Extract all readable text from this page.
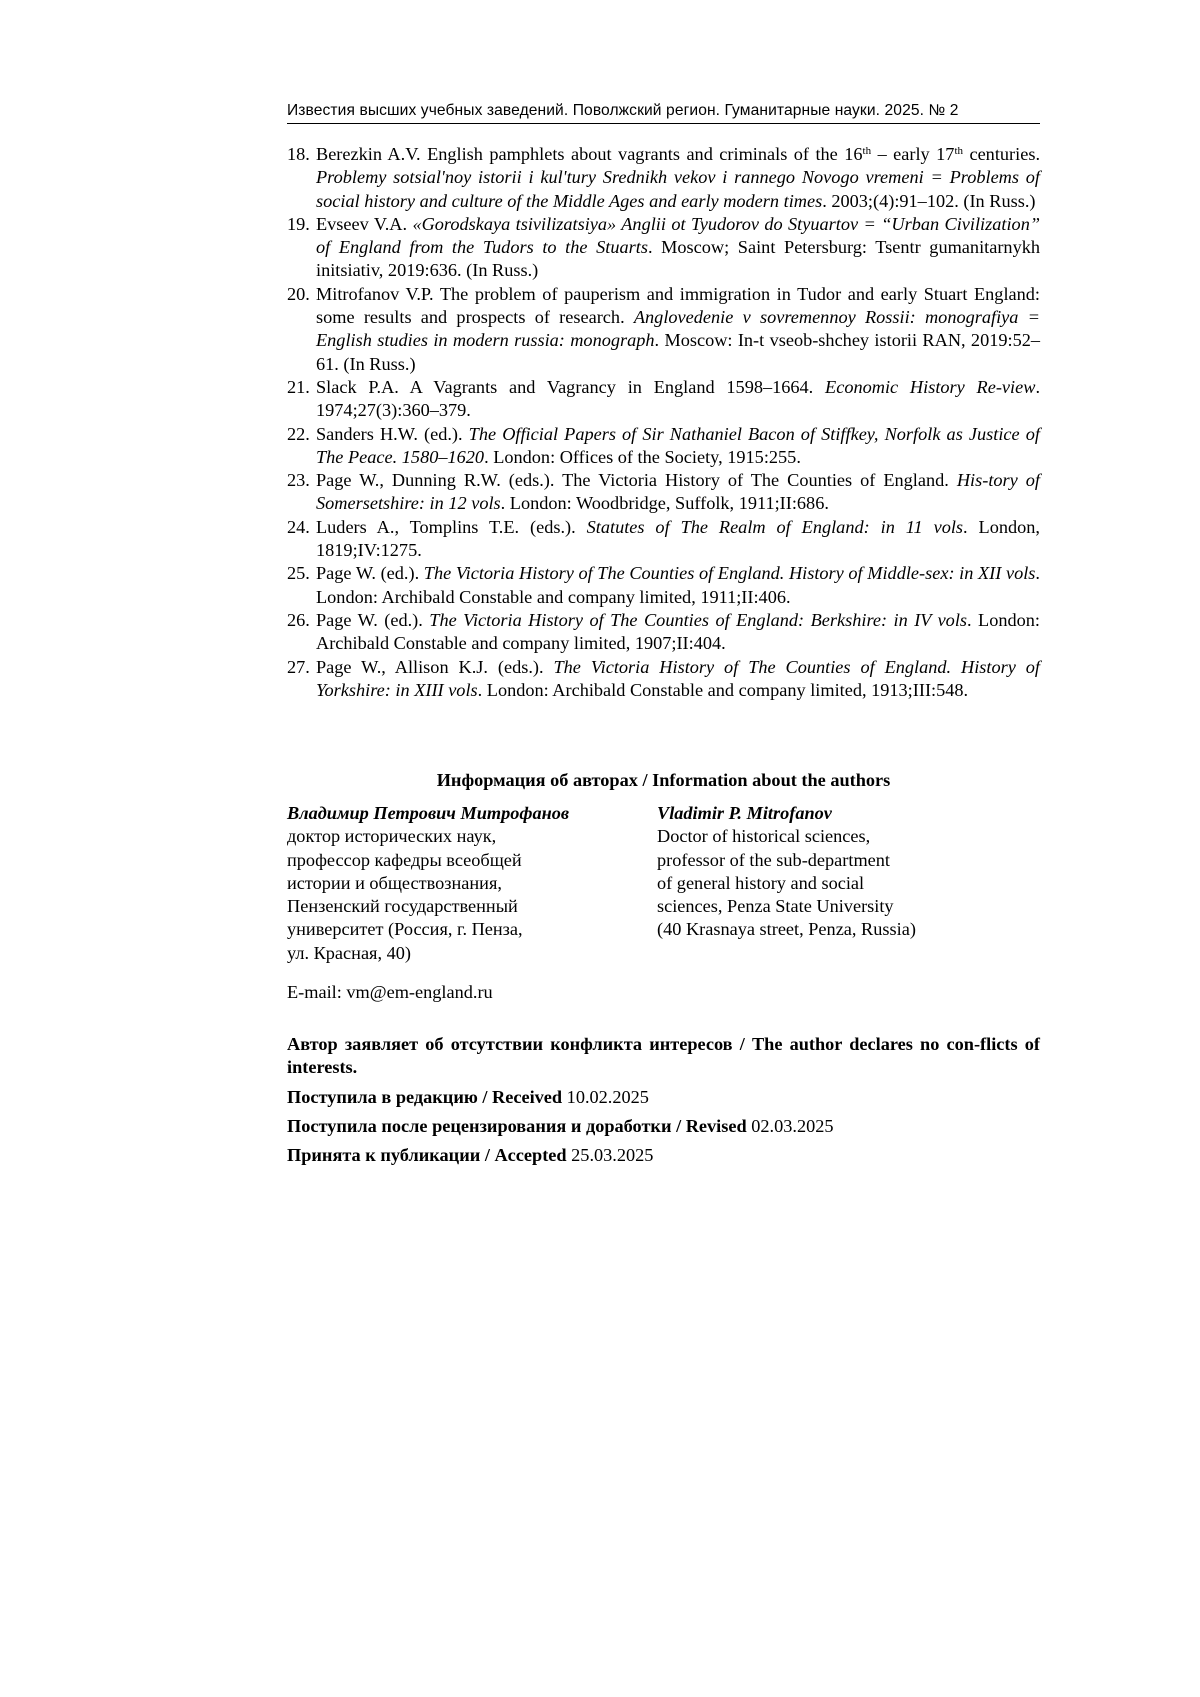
Известия высших учебных заведений. Поволжский регион. Гуманитарные науки. 2025. № 2
18. Berezkin A.V. English pamphlets about vagrants and criminals of the 16th – early 17th centuries. Problemy sotsial'noy istorii i kul'tury Srednikh vekov i rannego Novogo vremeni = Problems of social history and culture of the Middle Ages and early modern times. 2003;(4):91–102. (In Russ.)
19. Evseev V.A. «Gorodskaya tsivilizatsiya» Anglii ot Tyudorov do Styuartov = “Urban Civilization” of England from the Tudors to the Stuarts. Moscow; Saint Petersburg: Tsentr gumanitarnykh initsiativ, 2019:636. (In Russ.)
20. Mitrofanov V.P. The problem of pauperism and immigration in Tudor and early Stuart England: some results and prospects of research. Anglovedenie v sovremennoy Rossii: monografiya = English studies in modern russia: monograph. Moscow: In-t vseob-shchey istorii RAN, 2019:52–61. (In Russ.)
21. Slack P.A. A Vagrants and Vagrancy in England 1598–1664. Economic History Re-view. 1974;27(3):360–379.
22. Sanders H.W. (ed.). The Official Papers of Sir Nathaniel Bacon of Stiffkey, Norfolk as Justice of The Peace. 1580–1620. London: Offices of the Society, 1915:255.
23. Page W., Dunning R.W. (eds.). The Victoria History of The Counties of England. His-tory of Somersetshire: in 12 vols. London: Woodbridge, Suffolk, 1911;II:686.
24. Luders A., Tomplins T.E. (eds.). Statutes of The Realm of England: in 11 vols. London, 1819;IV:1275.
25. Page W. (ed.). The Victoria History of The Counties of England. History of Middle-sex: in XII vols. London: Archibald Constable and company limited, 1911;II:406.
26. Page W. (ed.). The Victoria History of The Counties of England: Berkshire: in IV vols. London: Archibald Constable and company limited, 1907;II:404.
27. Page W., Allison K.J. (eds.). The Victoria History of The Counties of England. History of Yorkshire: in XIII vols. London: Archibald Constable and company limited, 1913;III:548.
Информация об авторах / Information about the authors
Владимир Петрович Митрофанов
доктор исторических наук,
профессор кафедры всеобщей
истории и обществознания,
Пензенский государственный
университет (Россия, г. Пенза,
ул. Красная, 40)
Vladimir P. Mitrofanov
Doctor of historical sciences,
professor of the sub-department
of general history and social
sciences, Penza State University
(40 Krasnaya street, Penza, Russia)
E-mail: vm@em-england.ru

Автор заявляет об отсутствии конфликта интересов / The author declares no con-flicts of interests.

Поступила в редакцию / Received 10.02.2025

Поступила после рецензирования и доработки / Revised 02.03.2025

Принята к публикации / Accepted 25.03.2025
